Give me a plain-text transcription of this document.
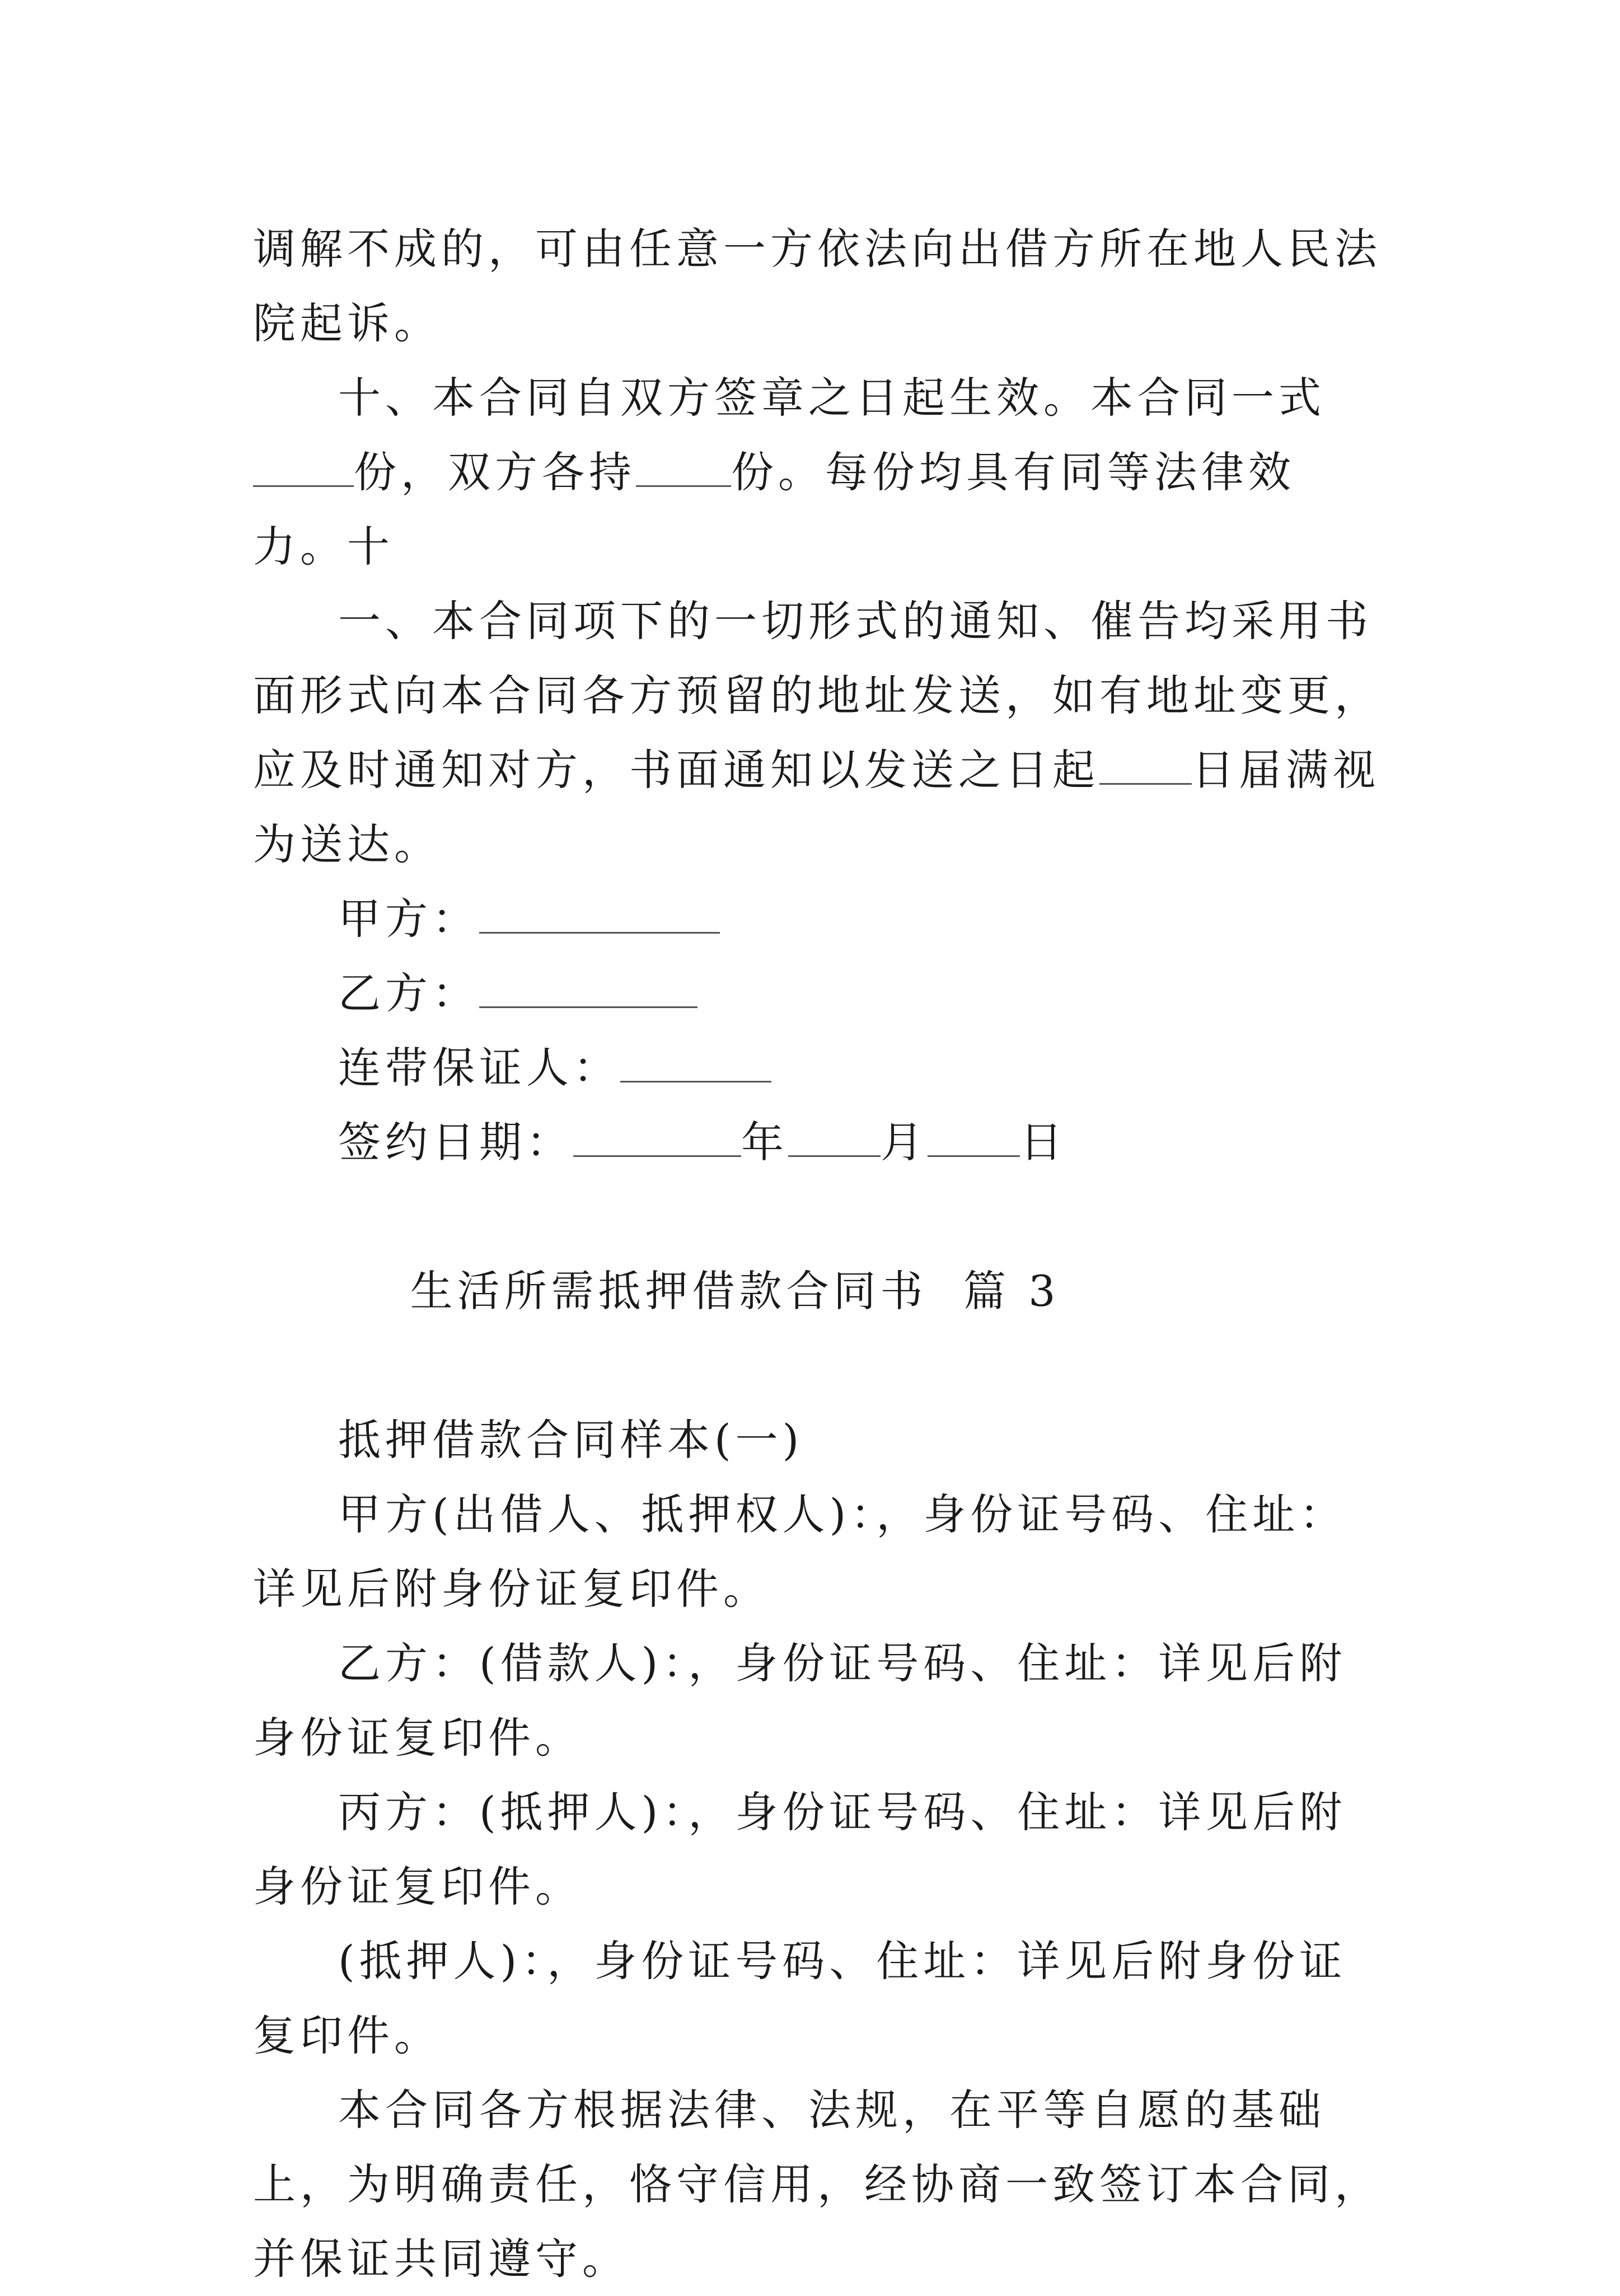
调解不成的，可由任意一方依法向出借方所在地人民法院起诉。

十、本合同自双方签章之日起生效。本合同一式份，双方各持 份。每份均具有同等法律效力。十

一、本合同项下的一切形式的通知、催告均采用书面形式向本合同各方预留的地址发送，如有地址变更，应及时通知对方，书面通知以发送之日起 日届满视为送达。

甲方：

乙方：

连带保证人：

签约日期：	年 月 日

生活所需抵押借款合同书  篇 3

抵押借款合同样本(一)

甲方(出借人、抵押权人)：，身份证号码、住址：详见后附身份证复印件。

乙方：(借款人)：，身份证号码、住址：详见后附身份证复印件。

丙方：(抵押人)：，身份证号码、住址：详见后附身份证复印件。

(抵押人)：，身份证号码、住址：详见后附身份证复印件。

本合同各方根据法律、法规，在平等自愿的基础上，为明确责任，恪守信用，经协商一致签订本合同，并保证共同遵守。
